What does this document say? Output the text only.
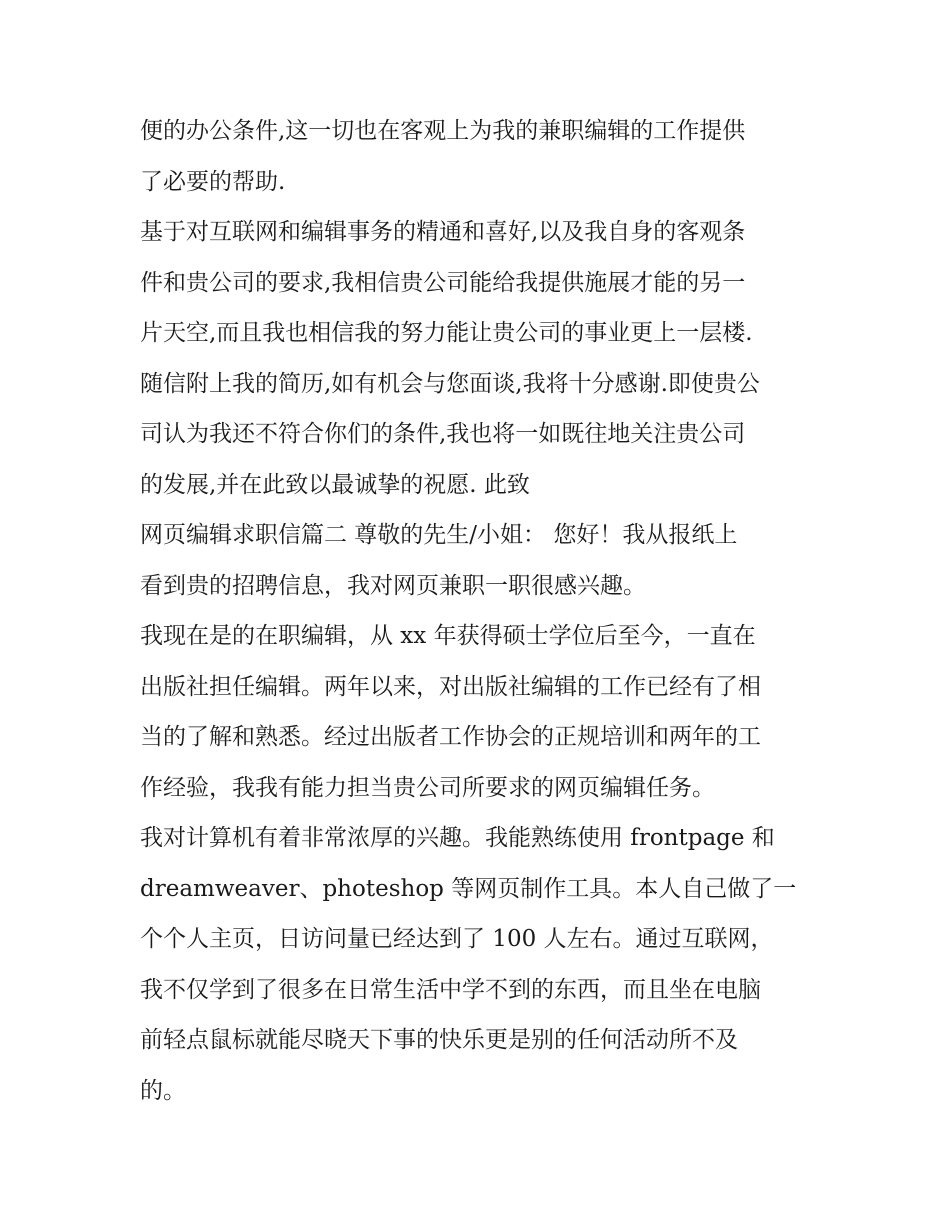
便的办公条件,这一切也在客观上为我的兼职编辑的工作提供
了必要的帮助.
基于对互联网和编辑事务的精通和喜好,以及我自身的客观条
件和贵公司的要求,我相信贵公司能给我提供施展才能的另一
片天空,而且我也相信我的努力能让贵公司的事业更上一层楼.
随信附上我的简历,如有机会与您面谈,我将十分感谢.即使贵公
司认为我还不符合你们的条件,我也将一如既往地关注贵公司
的发展,并在此致以最诚挚的祝愿. 此致
网页编辑求职信篇二 尊敬的先生/小姐： 您好！我从报纸上
看到贵的招聘信息，我对网页兼职一职很感兴趣。
我现在是的在职编辑，从 xx 年获得硕士学位后至今，一直在
出版社担任编辑。两年以来，对出版社编辑的工作已经有了相
当的了解和熟悉。经过出版者工作协会的正规培训和两年的工
作经验，我我有能力担当贵公司所要求的网页编辑任务。
我对计算机有着非常浓厚的兴趣。我能熟练使用 frontpage 和
dreamweaver、photeshop 等网页制作工具。本人自己做了一
个个人主页，日访问量已经达到了 100 人左右。通过互联网，
我不仅学到了很多在日常生活中学不到的东西，而且坐在电脑
前轻点鼠标就能尽晓天下事的快乐更是别的任何活动所不及
的。
